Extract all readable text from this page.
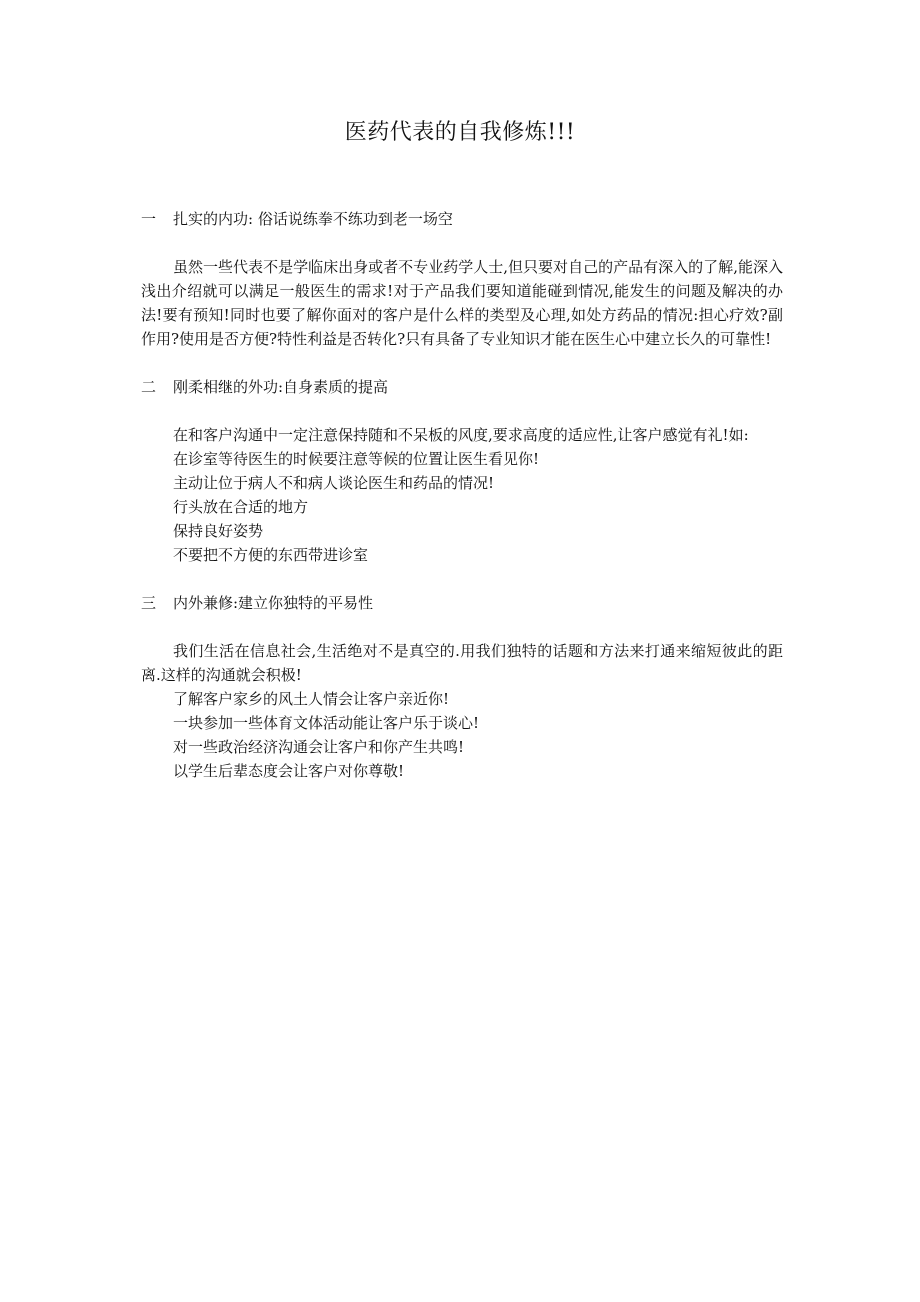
医药代表的自我修炼!!!

一 扎实的内功: 俗话说练拳不练功到老一场空

虽然一些代表不是学临床出身或者不专业药学人士,但只要对自己的产品有深入的了解,能深入浅出介绍就可以满足一般医生的需求!对于产品我们要知道能碰到情况,能发生的问题及解决的办法!要有预知!同时也要了解你面对的客户是什么样的类型及心理,如处方药品的情况:担心疗效?副作用?使用是否方便?特性利益是否转化?只有具备了专业知识才能在医生心中建立长久的可靠性!

二 刚柔相继的外功:自身素质的提高

在和客户沟通中一定注意保持随和不呆板的风度,要求高度的适应性,让客户感觉有礼!如:

在诊室等待医生的时候要注意等候的位置让医生看见你!

主动让位于病人不和病人谈论医生和药品的情况!

行头放在合适的地方

保持良好姿势

不要把不方便的东西带进诊室

三 内外兼修:建立你独特的平易性

我们生活在信息社会,生活绝对不是真空的.用我们独特的话题和方法来打通来缩短彼此的距离.这样的沟通就会积极!

了解客户家乡的风土人情会让客户亲近你!

一块参加一些体育文体活动能让客户乐于谈心!

对一些政治经济沟通会让客户和你产生共鸣!

以学生后辈态度会让客户对你尊敬!
